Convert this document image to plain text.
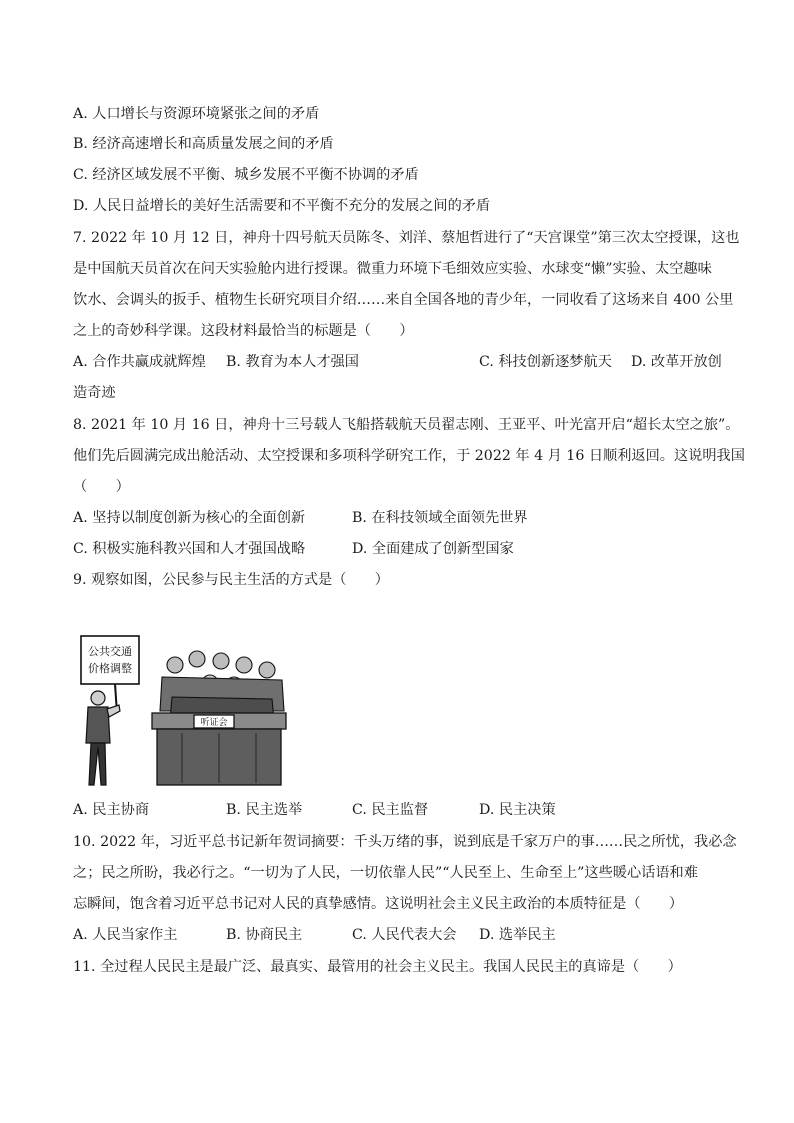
A. 人口增长与资源环境紧张之间的矛盾
B. 经济高速增长和高质量发展之间的矛盾
C. 经济区域发展不平衡、城乡发展不平衡不协调的矛盾
D. 人民日益增长的美好生活需要和不平衡不充分的发展之间的矛盾
7. 2022 年 10 月 12 日，神舟十四号航天员陈冬、刘洋、蔡旭哲进行了“天宫课堂”第三次太空授课，这也
是中国航天员首次在问天实验舱内进行授课。微重力环境下毛细效应实验、水球变“懒”实验、太空趣味
饮水、会调头的扳手、植物生长研究项目介绍……来自全国各地的青少年，一同收看了这场来自 400 公里
之上的奇妙科学课。这段材料最恰当的标题是（　　）
A. 合作共赢成就辉煌 B. 教育为本人才强国	C. 科技创新逐梦航天 D. 改革开放创
造奇迹
8. 2021 年 10 月 16 日，神舟十三号载人飞船搭载航天员翟志刚、王亚平、叶光富开启“超长太空之旅”。
他们先后圆满完成出舱活动、太空授课和多项科学研究工作，于 2022 年 4 月 16 日顺利返回。这说明我国
（　　）
A. 坚持以制度创新为核心的全面创新	B. 在科技领域全面领先世界
C. 积极实施科教兴国和人才强国战略	D. 全面建成了创新型国家
9. 观察如图，公民参与民主生活的方式是（　　）
公共交通
价格调整
听证会
A. 民主协商	B. 民主选举	C. 民主监督	D. 民主决策
10. 2022 年，习近平总书记新年贺词摘要：千头万绪的事，说到底是千家万户的事……民之所忧，我必念
之；民之所盼，我必行之。“一切为了人民，一切依靠人民”“人民至上、生命至上”这些暖心话语和难
忘瞬间，饱含着习近平总书记对人民的真挚感情。这说明社会主义民主政治的本质特征是（　　）
A. 人民当家作主	B. 协商民主	C. 人民代表大会 D. 选举民主
11. 全过程人民民主是最广泛、最真实、最管用的社会主义民主。我国人民民主的真谛是（　　）
